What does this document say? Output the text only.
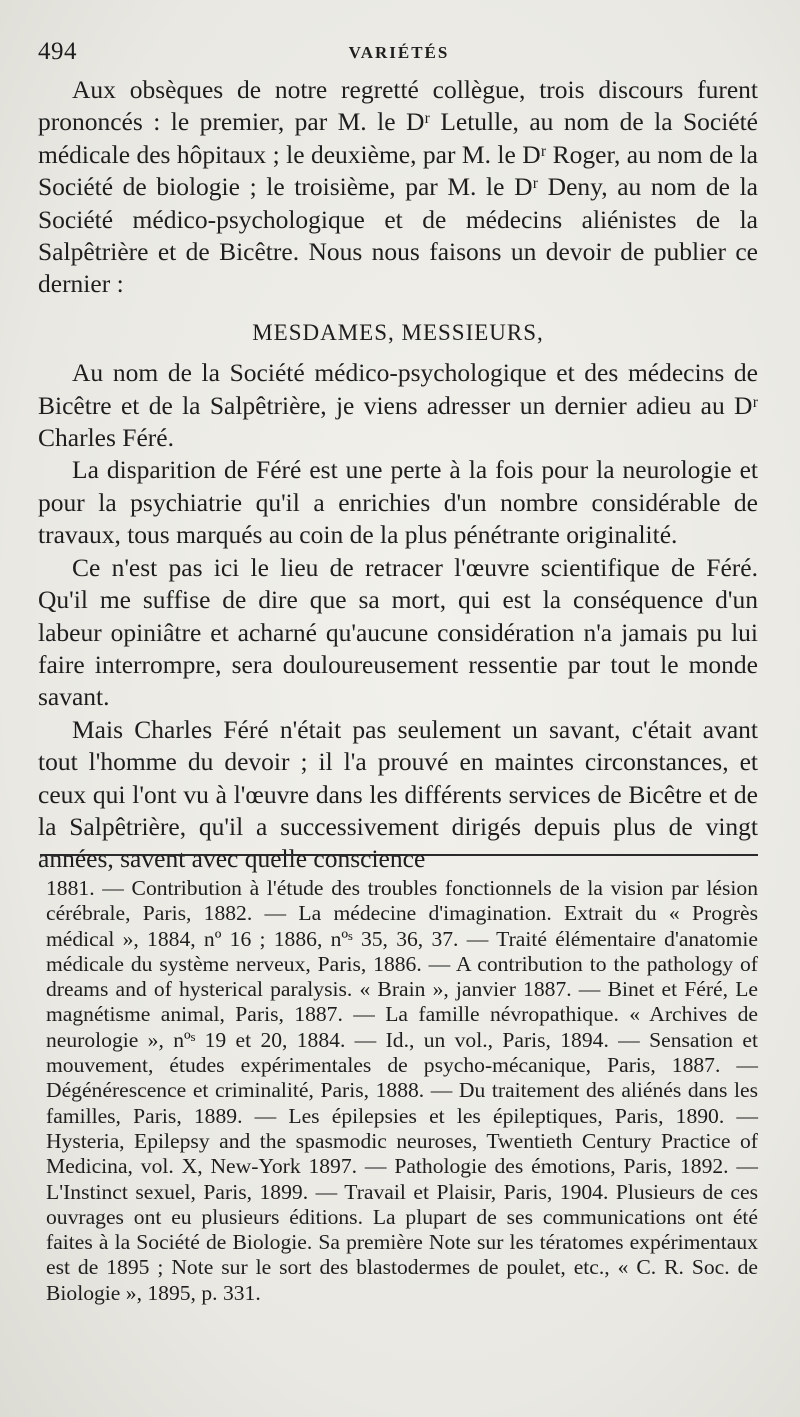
494	VARIÉTÉS

Aux obsèques de notre regretté collègue, trois discours furent prononcés : le premier, par M. le Dʳ Letulle, au nom de la Société médicale des hôpitaux ; le deuxième, par M. le Dʳ Roger, au nom de la Société de biologie ; le troisième, par M. le Dʳ Deny, au nom de la Société médico-psychologique et de médecins aliénistes de la Salpêtrière et de Bicêtre. Nous nous faisons un devoir de publier ce dernier :

MESDAMES, MESSIEURS,

Au nom de la Société médico-psychologique et des médecins de Bicêtre et de la Salpêtrière, je viens adresser un dernier adieu au Dʳ Charles Féré.

La disparition de Féré est une perte à la fois pour la neurologie et pour la psychiatrie qu'il a enrichies d'un nombre considérable de travaux, tous marqués au coin de la plus pénétrante originalité.

Ce n'est pas ici le lieu de retracer l'œuvre scientifique de Féré. Qu'il me suffise de dire que sa mort, qui est la conséquence d'un labeur opiniâtre et acharné qu'aucune considération n'a jamais pu lui faire interrompre, sera douloureusement ressentie par tout le monde savant.

Mais Charles Féré n'était pas seulement un savant, c'était avant tout l'homme du devoir ; il l'a prouvé en maintes circonstances, et ceux qui l'ont vu à l'œuvre dans les différents services de Bicêtre et de la Salpêtrière, qu'il a successivement dirigés depuis plus de vingt années, savent avec quelle conscience

1881. — Contribution à l'étude des troubles fonctionnels de la vision par lésion cérébrale, Paris, 1882. — La médecine d'imagination. Extrait du « Progrès médical », 1884, nº 16 ; 1886, nºˢ 35, 36, 37. — Traité élémentaire d'anatomie médicale du système nerveux, Paris, 1886. — A contribution to the pathology of dreams and of hysterical paralysis. « Brain », janvier 1887. — Binet et Féré, Le magnétisme animal, Paris, 1887. — La famille névropathique. « Archives de neurologie », nºˢ 19 et 20, 1884. — Id., un vol., Paris, 1894. — Sensation et mouvement, études expérimentales de psycho-mécanique, Paris, 1887. — Dégénérescence et criminalité, Paris, 1888. — Du traitement des aliénés dans les familles, Paris, 1889. — Les épilepsies et les épileptiques, Paris, 1890. — Hysteria, Epilepsy and the spasmodic neuroses, Twentieth Century Practice of Medicina, vol. X, New-York 1897. — Pathologie des émotions, Paris, 1892. — L'Instinct sexuel, Paris, 1899. — Travail et Plaisir, Paris, 1904. Plusieurs de ces ouvrages ont eu plusieurs éditions. La plupart de ses communications ont été faites à la Société de Biologie. Sa première Note sur les tératomes expérimentaux est de 1895 ; Note sur le sort des blastodermes de poulet, etc., « C. R. Soc. de Biologie », 1895, p. 331.
